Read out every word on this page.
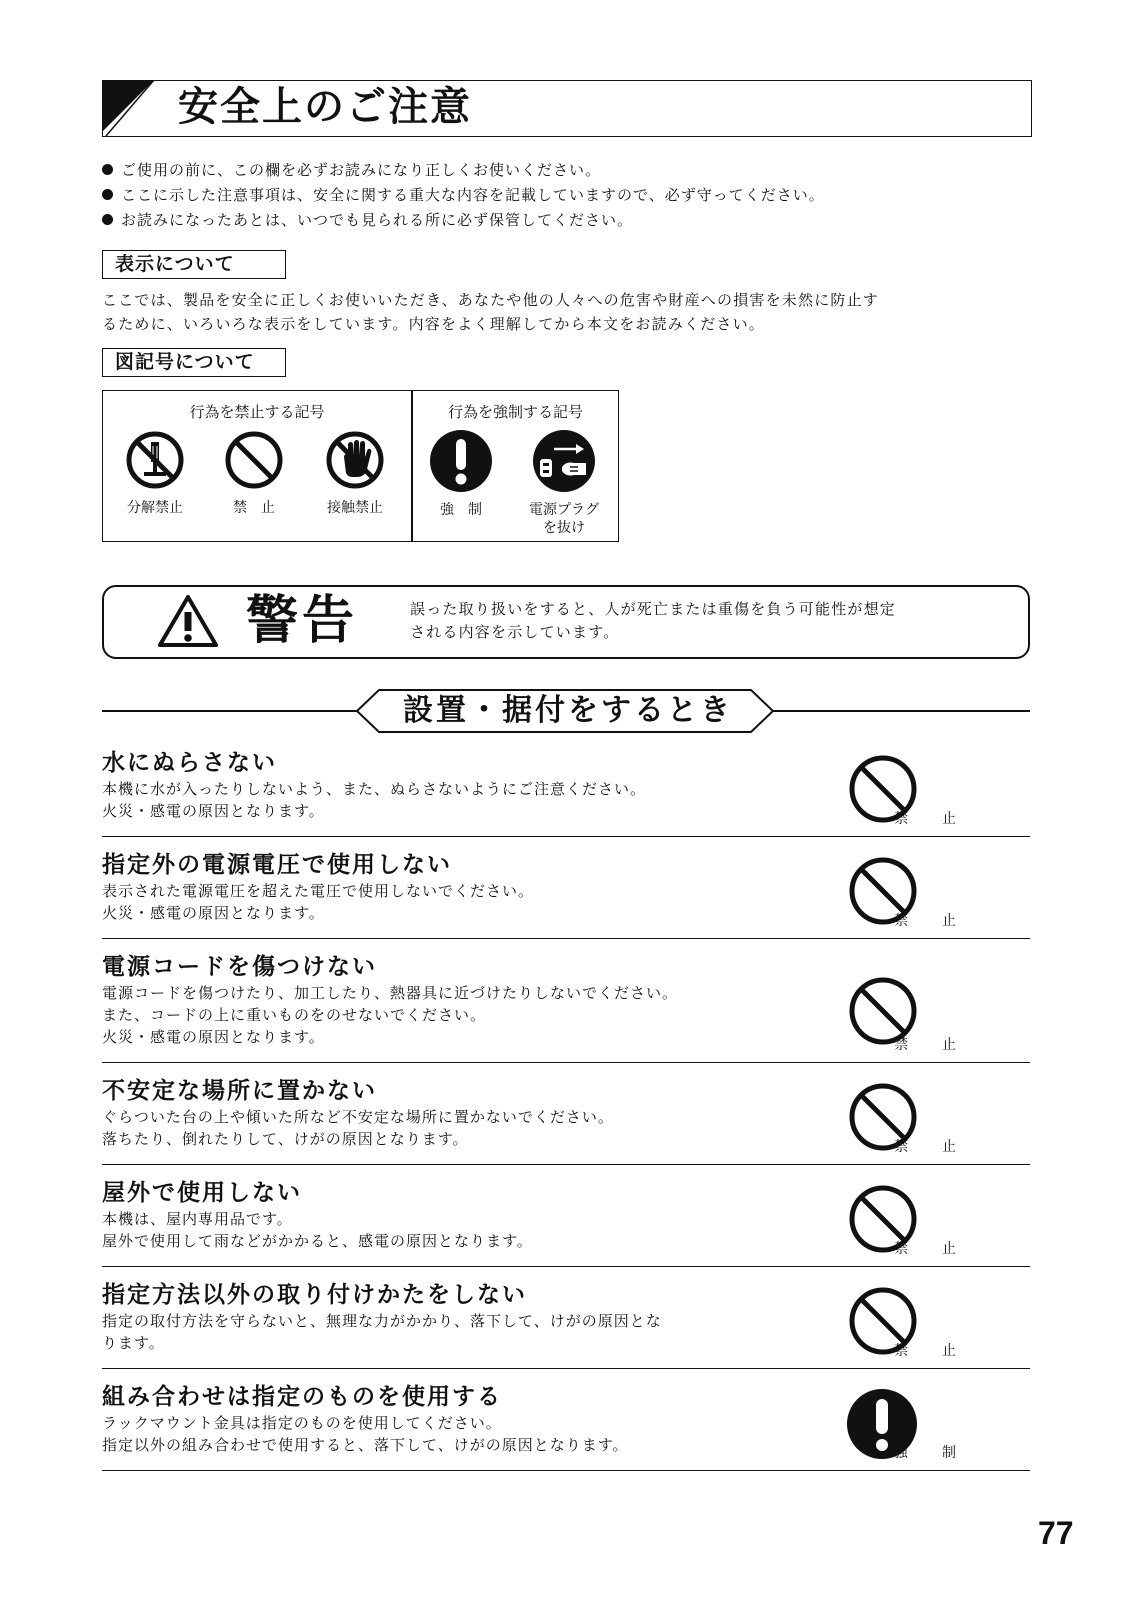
安全上のご注意
ご使用の前に、この欄を必ずお読みになり正しくお使いください。
ここに示した注意事項は、安全に関する重大な内容を記載していますので、必ず守ってください。
お読みになったあとは、いつでも見られる所に必ず保管してください。
表示について
ここでは、製品を安全に正しくお使いいただき、あなたや他の人々への危害や財産への損害を未然に防止す
るために、いろいろな表示をしています。内容をよく理解してから本文をお読みください。
図記号について
行為を禁止する記号	行為を強制する記号
分解禁止	禁　止	接触禁止	強　制	電源プラグ
を抜け
警告	誤った取り扱いをすると、人が死亡または重傷を負う可能性が想定
される内容を示しています。
設置・据付をするとき
水にぬらさない
本機に水が入ったりしないよう、また、ぬらさないようにご注意ください。
火災・感電の原因となります。	禁 止
指定外の電源電圧で使用しない
表示された電源電圧を超えた電圧で使用しないでください。
火災・感電の原因となります。	禁 止
電源コードを傷つけない
電源コードを傷つけたり、加工したり、熱器具に近づけたりしないでください。
また、コードの上に重いものをのせないでください。
火災・感電の原因となります。	禁 止
不安定な場所に置かない
ぐらついた台の上や傾いた所など不安定な場所に置かないでください。
落ちたり、倒れたりして、けがの原因となります。	禁 止
屋外で使用しない
本機は、屋内専用品です。
屋外で使用して雨などがかかると、感電の原因となります。	禁 止
指定方法以外の取り付けかたをしない
指定の取付方法を守らないと、無理な力がかかり、落下して、けがの原因とな
ります。	禁 止
組み合わせは指定のものを使用する
ラックマウント金具は指定のものを使用してください。
指定以外の組み合わせで使用すると、落下して、けがの原因となります。	強 制
77
